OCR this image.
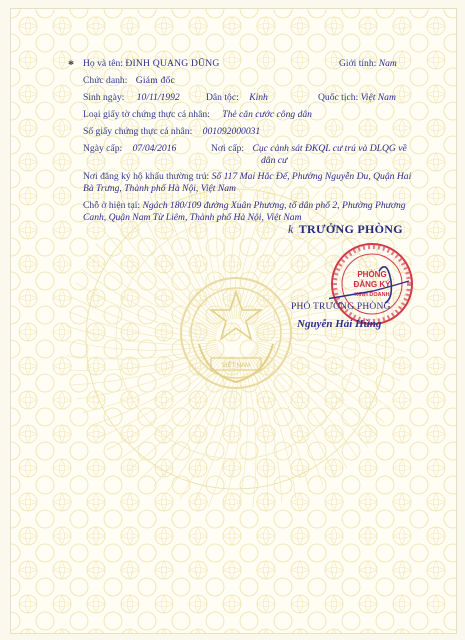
VIỆT NAM
* Họ và tên: ĐINH QUANG DŨNG	Giới tính: Nam
Chức danh: Giám đốc
Sinh ngày: 10/11/1992	Dân tộc: Kinh	Quốc tịch: Việt Nam
Loại giấy tờ chứng thực cá nhân: Thẻ căn cước công dân
Số giấy chứng thực cá nhân: 001092000031
Ngày cấp: 07/04/2016	Nơi cấp: Cục cảnh sát ĐKQL cư trú và DLQG về
dân cư
Nơi đăng ký hộ khẩu thường trú: Số 117 Mai Hắc Đế, Phường Nguyễn Du, Quận Hai
Bà Trưng, Thành phố Hà Nội, Việt Nam
Chỗ ở hiện tại: Ngách 180/109 đường Xuân Phương, tổ dân phố 2, Phường Phương
Canh, Quận Nam Từ Liêm, Thành phố Hà Nội, Việt Nam
k TRƯỞNG PHÒNG
PHÒNG
ĐĂNG KÝ
KINH DOANH
PHÓ TRƯỞNG PHÒNG
Nguyễn Hải Hùng
